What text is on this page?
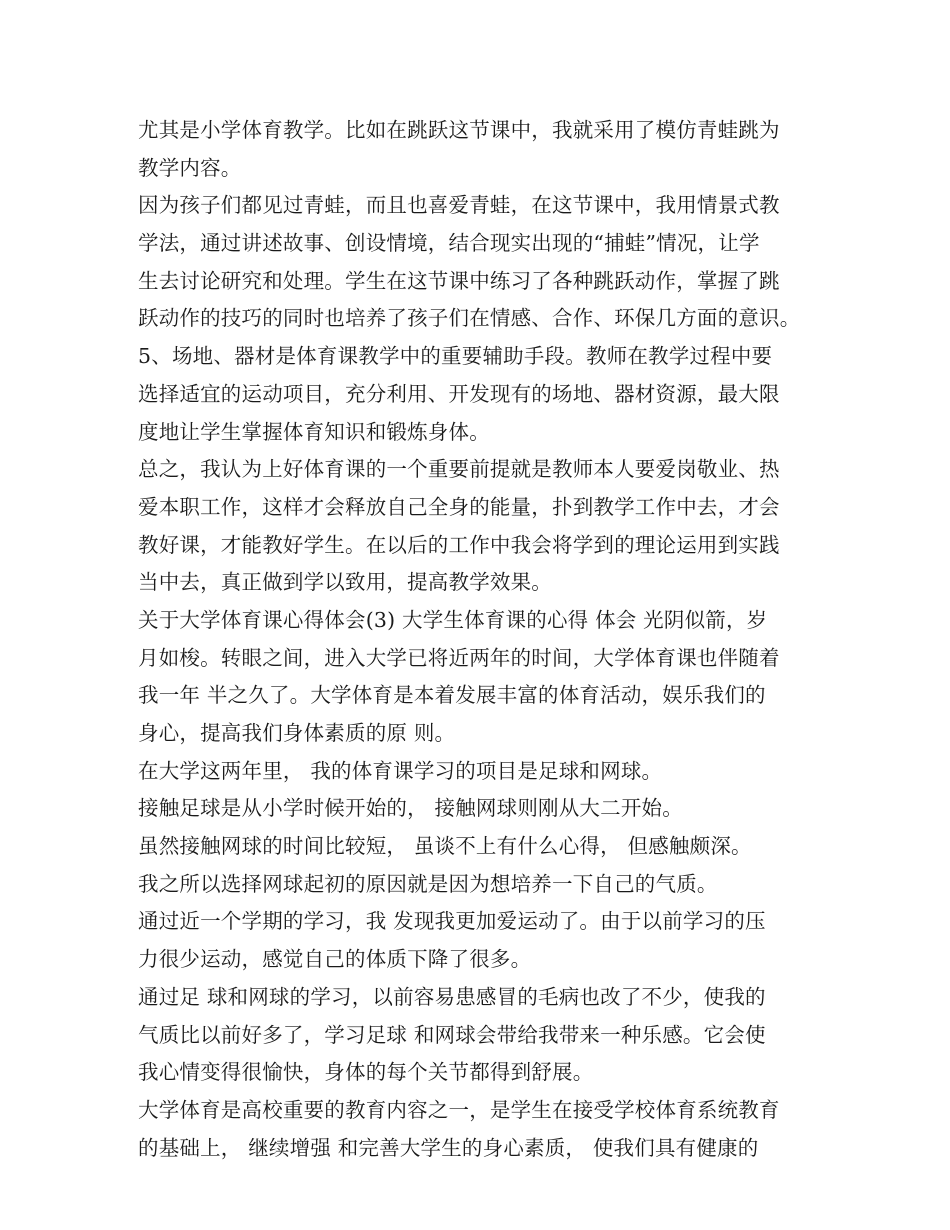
尤其是小学体育教学。比如在跳跃这节课中，我就采用了模仿青蛙跳为
教学内容。
因为孩子们都见过青蛙，而且也喜爱青蛙，在这节课中，我用情景式教
学法，通过讲述故事、创设情境，结合现实出现的“捕蛙”情况，让学
生去讨论研究和处理。学生在这节课中练习了各种跳跃动作，掌握了跳
跃动作的技巧的同时也培养了孩子们在情感、合作、环保几方面的意识。
5、场地、器材是体育课教学中的重要辅助手段。教师在教学过程中要
选择适宜的运动项目，充分利用、开发现有的场地、器材资源，最大限
度地让学生掌握体育知识和锻炼身体。
总之，我认为上好体育课的一个重要前提就是教师本人要爱岗敬业、热
爱本职工作，这样才会释放自己全身的能量，扑到教学工作中去，才会
教好课，才能教好学生。在以后的工作中我会将学到的理论运用到实践
当中去，真正做到学以致用，提高教学效果。
关于大学体育课心得体会(3) 大学生体育课的心得 体会 光阴似箭，岁
月如梭。转眼之间，进入大学已将近两年的时间，大学体育课也伴随着
我一年 半之久了。大学体育是本着发展丰富的体育活动，娱乐我们的
身心，提高我们身体素质的原 则。
在大学这两年里， 我的体育课学习的项目是足球和网球。
接触足球是从小学时候开始的， 接触网球则刚从大二开始。
虽然接触网球的时间比较短， 虽谈不上有什么心得， 但感触颇深。
我之所以选择网球起初的原因就是因为想培养一下自己的气质。
通过近一个学期的学习，我 发现我更加爱运动了。由于以前学习的压
力很少运动，感觉自己的体质下降了很多。
通过足 球和网球的学习，以前容易患感冒的毛病也改了不少，使我的
气质比以前好多了，学习足球 和网球会带给我带来一种乐感。它会使
我心情变得很愉快，身体的每个关节都得到舒展。
大学体育是高校重要的教育内容之一，是学生在接受学校体育系统教育
的基础上， 继续增强 和完善大学生的身心素质， 使我们具有健康的
